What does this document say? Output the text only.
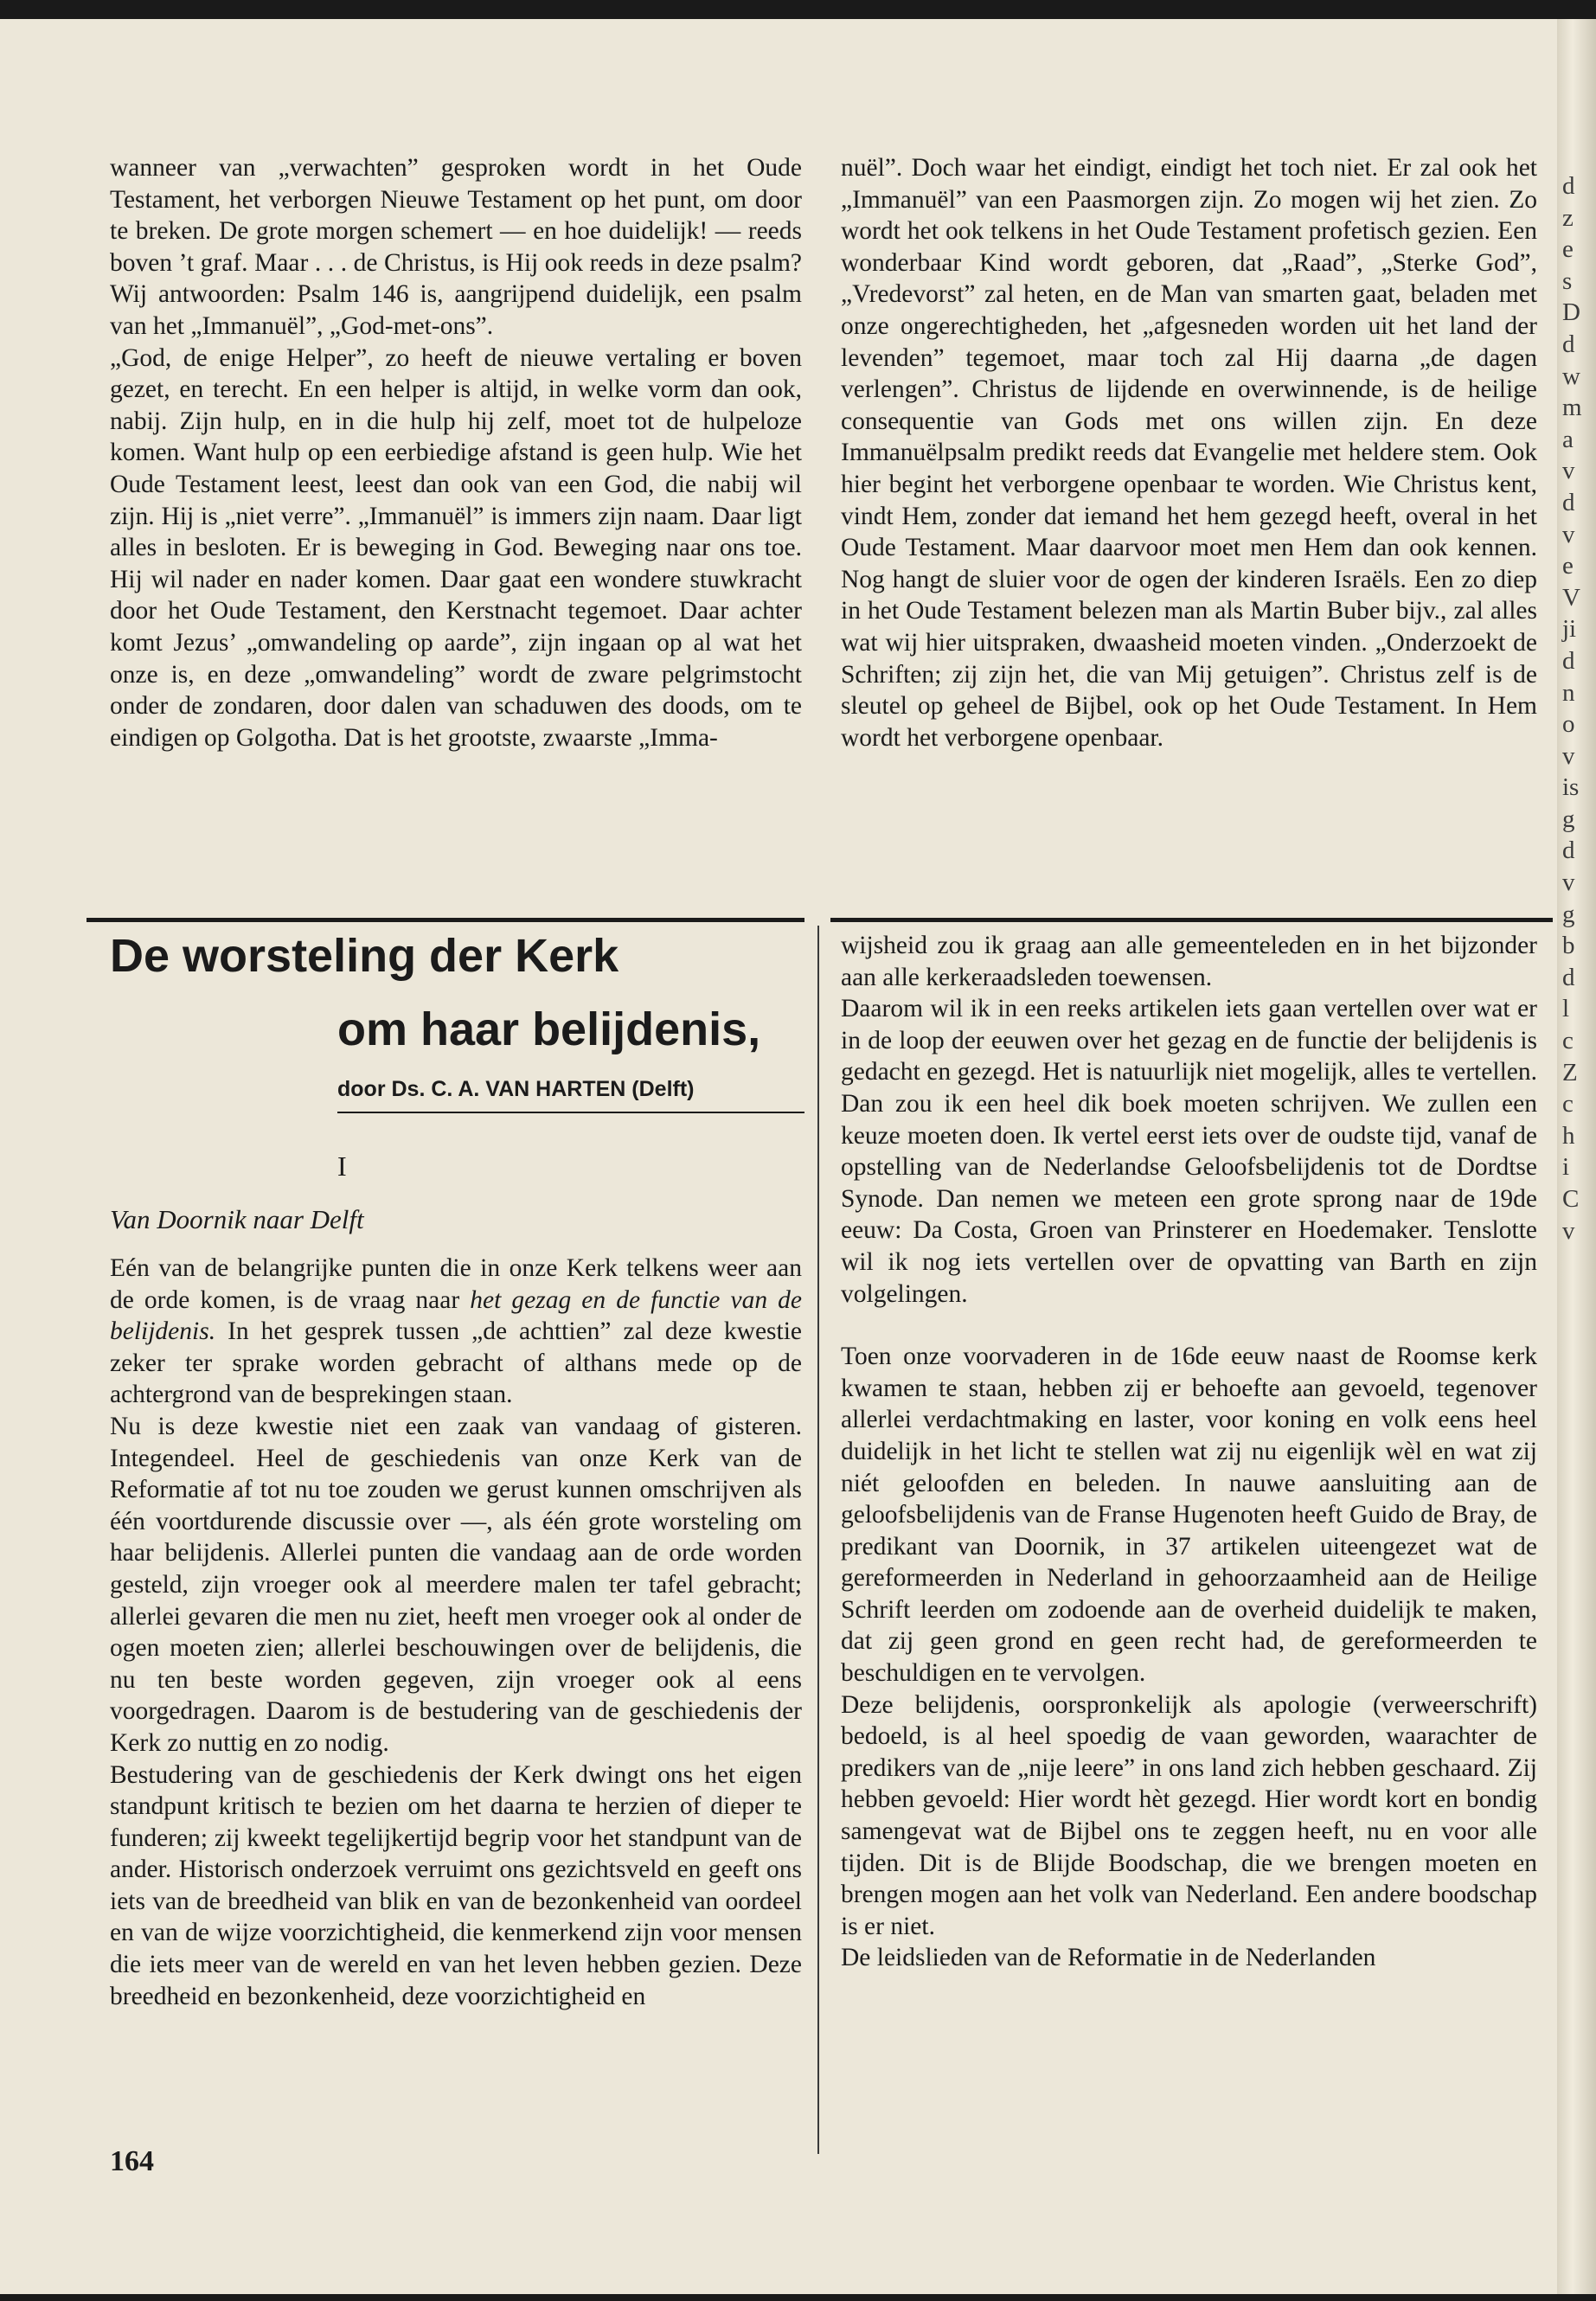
d
z
e
s
D
d
w
m
a
v
d
v
e
V
ji
d
n
o
v
is
g
d
v
g
b
d
l
c
Z
c
h
i
C
v

wanneer van „verwachten” gesproken wordt in het Oude Testament, het verborgen Nieuwe Testament op het punt, om door te breken. De grote morgen schemert — en hoe duidelijk! — reeds boven ’t graf. Maar . . . de Christus, is Hij ook reeds in deze psalm? Wij antwoorden: Psalm 146 is, aangrijpend duidelijk, een psalm van het „Immanuël”, „God-met-ons”.

„God, de enige Helper”, zo heeft de nieuwe vertaling er boven gezet, en terecht. En een helper is altijd, in welke vorm dan ook, nabij. Zijn hulp, en in die hulp hij zelf, moet tot de hulpeloze komen. Want hulp op een eerbiedige afstand is geen hulp. Wie het Oude Testament leest, leest dan ook van een God, die nabij wil zijn. Hij is „niet verre”. „Immanuël” is immers zijn naam. Daar ligt alles in besloten. Er is beweging in God. Beweging naar ons toe. Hij wil nader en nader komen. Daar gaat een wondere stuwkracht door het Oude Testament, den Kerstnacht tegemoet. Daar achter komt Jezus’ „omwandeling op aarde”, zijn ingaan op al wat het onze is, en deze „omwandeling” wordt de zware pelgrimstocht onder de zondaren, door dalen van schaduwen des doods, om te eindigen op Golgotha. Dat is het grootste, zwaarste „Imma-

nuël”. Doch waar het eindigt, eindigt het toch niet. Er zal ook het „Immanuël” van een Paasmorgen zijn. Zo mogen wij het zien. Zo wordt het ook telkens in het Oude Testament profetisch gezien. Een wonderbaar Kind wordt geboren, dat „Raad”, „Sterke God”, „Vredevorst” zal heten, en de Man van smarten gaat, beladen met onze ongerechtigheden, het „afgesneden worden uit het land der levenden” tegemoet, maar toch zal Hij daarna „de dagen verlengen”. Christus de lijdende en overwinnende, is de heilige consequentie van Gods met ons willen zijn. En deze Immanuëlpsalm predikt reeds dat Evangelie met heldere stem. Ook hier begint het verborgene openbaar te worden. Wie Christus kent, vindt Hem, zonder dat iemand het hem gezegd heeft, overal in het Oude Testament. Maar daarvoor moet men Hem dan ook kennen. Nog hangt de sluier voor de ogen der kinderen Israëls. Een zo diep in het Oude Testament belezen man als Martin Buber bijv., zal alles wat wij hier uitspraken, dwaasheid moeten vinden. „Onderzoekt de Schriften; zij zijn het, die van Mij getuigen”. Christus zelf is de sleutel op geheel de Bijbel, ook op het Oude Testament. In Hem wordt het verborgene openbaar.

De worsteling der Kerk
om haar belijdenis,
door Ds. C. A. VAN HARTEN (Delft)
I
Van Doornik naar Delft

Eén van de belangrijke punten die in onze Kerk telkens weer aan de orde komen, is de vraag naar het gezag en de functie van de belijdenis. In het gesprek tussen „de achttien” zal deze kwestie zeker ter sprake worden gebracht of althans mede op de achtergrond van de besprekingen staan.

Nu is deze kwestie niet een zaak van vandaag of gisteren. Integendeel. Heel de geschiedenis van onze Kerk van de Reformatie af tot nu toe zouden we gerust kunnen omschrijven als één voortdurende discussie over —, als één grote worsteling om haar belijdenis. Allerlei punten die vandaag aan de orde worden gesteld, zijn vroeger ook al meerdere malen ter tafel gebracht; allerlei gevaren die men nu ziet, heeft men vroeger ook al onder de ogen moeten zien; allerlei beschouwingen over de belijdenis, die nu ten beste worden gegeven, zijn vroeger ook al eens voorgedragen. Daarom is de bestudering van de geschiedenis der Kerk zo nuttig en zo nodig.

Bestudering van de geschiedenis der Kerk dwingt ons het eigen standpunt kritisch te bezien om het daarna te herzien of dieper te funderen; zij kweekt tegelijkertijd begrip voor het standpunt van de ander. Historisch onderzoek verruimt ons gezichtsveld en geeft ons iets van de breedheid van blik en van de bezonkenheid van oordeel en van de wijze voorzichtigheid, die kenmerkend zijn voor mensen die iets meer van de wereld en van het leven hebben gezien. Deze breedheid en bezonkenheid, deze voorzichtigheid en

wijsheid zou ik graag aan alle gemeenteleden en in het bijzonder aan alle kerkeraadsleden toewensen.

Daarom wil ik in een reeks artikelen iets gaan vertellen over wat er in de loop der eeuwen over het gezag en de functie der belijdenis is gedacht en gezegd. Het is natuurlijk niet mogelijk, alles te vertellen. Dan zou ik een heel dik boek moeten schrijven. We zullen een keuze moeten doen. Ik vertel eerst iets over de oudste tijd, vanaf de opstelling van de Nederlandse Geloofsbelijdenis tot de Dordtse Synode. Dan nemen we meteen een grote sprong naar de 19de eeuw: Da Costa, Groen van Prinsterer en Hoedemaker. Tenslotte wil ik nog iets vertellen over de opvatting van Barth en zijn volgelingen.

Toen onze voorvaderen in de 16de eeuw naast de Roomse kerk kwamen te staan, hebben zij er behoefte aan gevoeld, tegenover allerlei verdachtmaking en laster, voor koning en volk eens heel duidelijk in het licht te stellen wat zij nu eigenlijk wèl en wat zij niét geloofden en beleden. In nauwe aansluiting aan de geloofsbelijdenis van de Franse Hugenoten heeft Guido de Bray, de predikant van Doornik, in 37 artikelen uiteengezet wat de gereformeerden in Nederland in gehoorzaamheid aan de Heilige Schrift leerden om zodoende aan de overheid duidelijk te maken, dat zij geen grond en geen recht had, de gereformeerden te beschuldigen en te vervolgen.

Deze belijdenis, oorspronkelijk als apologie (verweerschrift) bedoeld, is al heel spoedig de vaan geworden, waarachter de predikers van de „nije leere” in ons land zich hebben geschaard. Zij hebben gevoeld: Hier wordt hèt gezegd. Hier wordt kort en bondig samengevat wat de Bijbel ons te zeggen heeft, nu en voor alle tijden. Dit is de Blijde Boodschap, die we brengen moeten en brengen mogen aan het volk van Nederland. Een andere boodschap is er niet.

De leidslieden van de Reformatie in de Nederlanden

164
